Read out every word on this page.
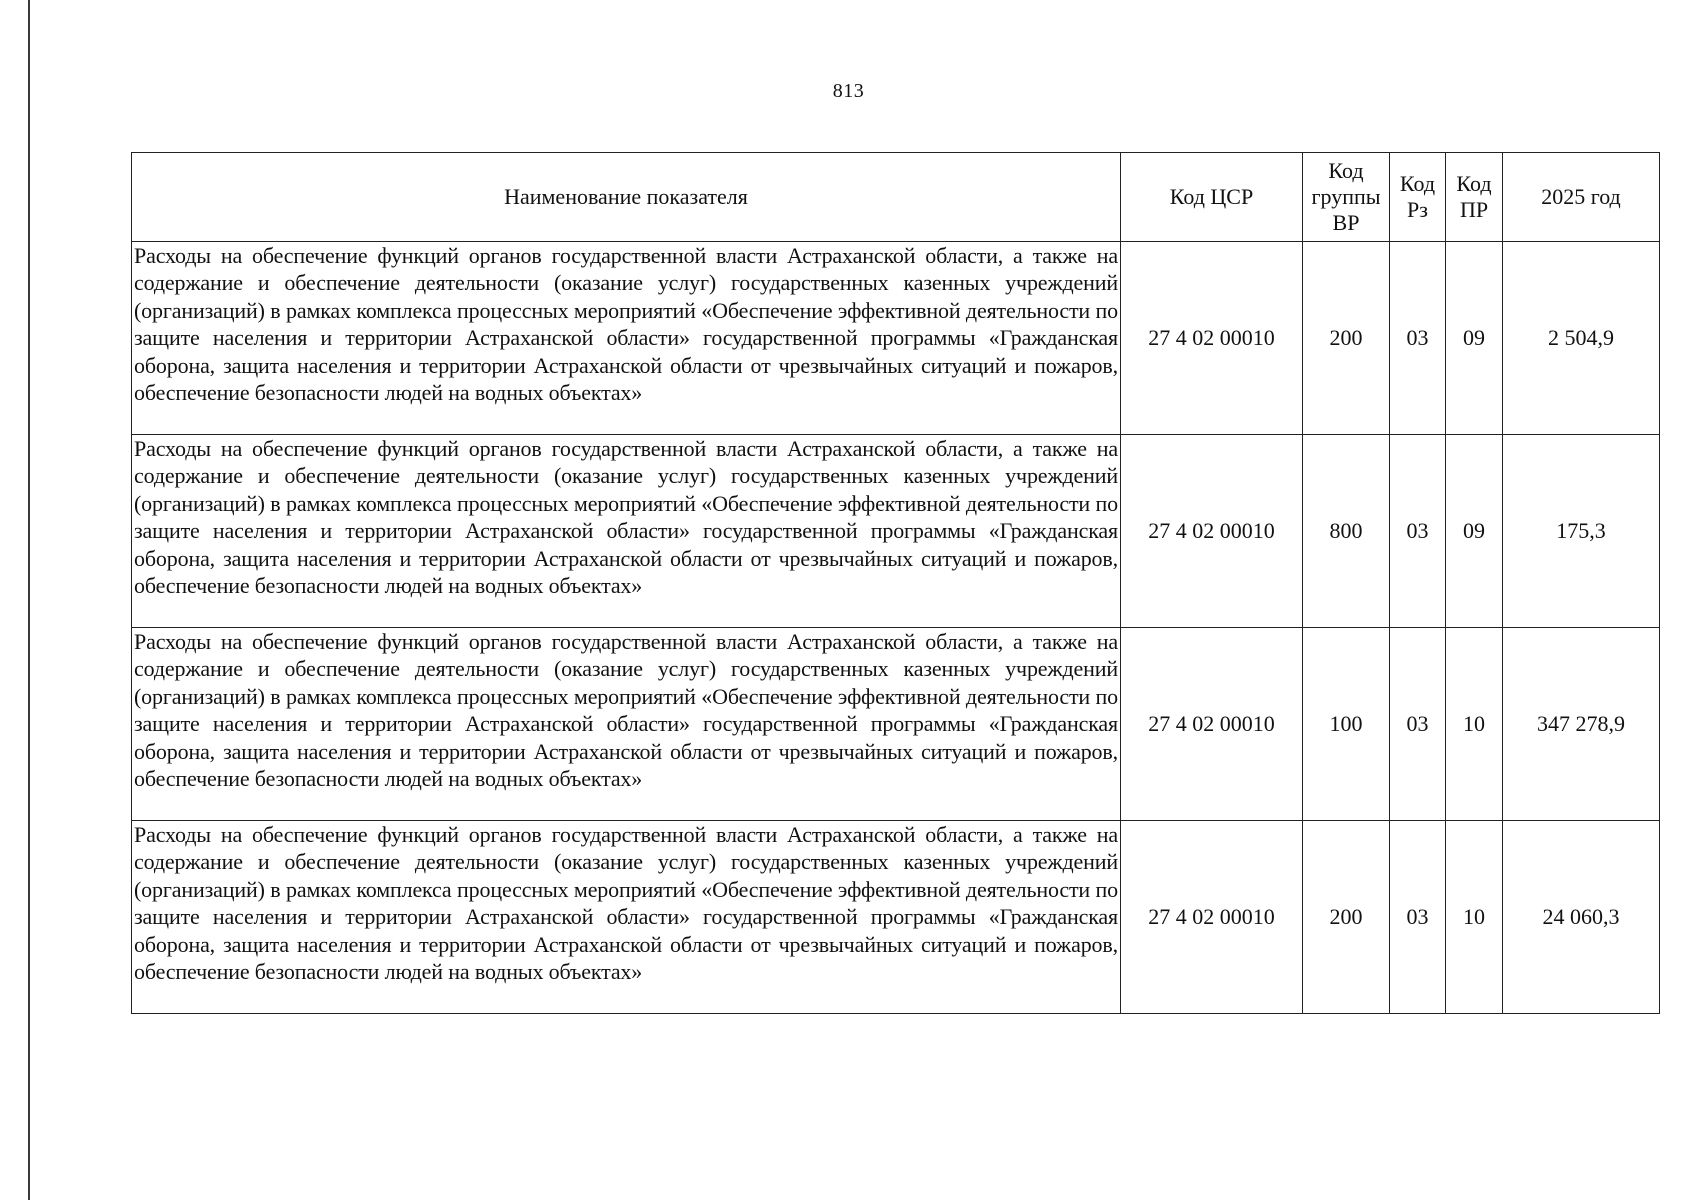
813
Наименование показателя	Код ЦСР	Код группы ВР	Код Рз	Код ПР	2025 год
Расходы на обеспечение функций органов государственной власти Астраханской области, а также на содержание и обеспечение деятельности (оказание услуг) государственных казенных учреждений (организаций) в рамках комплекса процессных мероприятий «Обеспечение эффективной деятельности по защите населения и территории Астраханской области» государственной программы «Гражданская оборона, защита населения и территории Астраханской области от чрезвычайных ситуаций и пожаров, обеспечение безопасности людей на водных объектах»	27 4 02 00010	200	03	09	2 504,9
Расходы на обеспечение функций органов государственной власти Астраханской области, а также на содержание и обеспечение деятельности (оказание услуг) государственных казенных учреждений (организаций) в рамках комплекса процессных мероприятий «Обеспечение эффективной деятельности по защите населения и территории Астраханской области» государственной программы «Гражданская оборона, защита населения и территории Астраханской области от чрезвычайных ситуаций и пожаров, обеспечение безопасности людей на водных объектах»	27 4 02 00010	800	03	09	175,3
Расходы на обеспечение функций органов государственной власти Астраханской области, а также на содержание и обеспечение деятельности (оказание услуг) государственных казенных учреждений (организаций) в рамках комплекса процессных мероприятий «Обеспечение эффективной деятельности по защите населения и территории Астраханской области» государственной программы «Гражданская оборона, защита населения и территории Астраханской области от чрезвычайных ситуаций и пожаров, обеспечение безопасности людей на водных объектах»	27 4 02 00010	100	03	10	347 278,9
Расходы на обеспечение функций органов государственной власти Астраханской области, а также на содержание и обеспечение деятельности (оказание услуг) государственных казенных учреждений (организаций) в рамках комплекса процессных мероприятий «Обеспечение эффективной деятельности по защите населения и территории Астраханской области» государственной программы «Гражданская оборона, защита населения и территории Астраханской области от чрезвычайных ситуаций и пожаров, обеспечение безопасности людей на водных объектах»	27 4 02 00010	200	03	10	24 060,3
